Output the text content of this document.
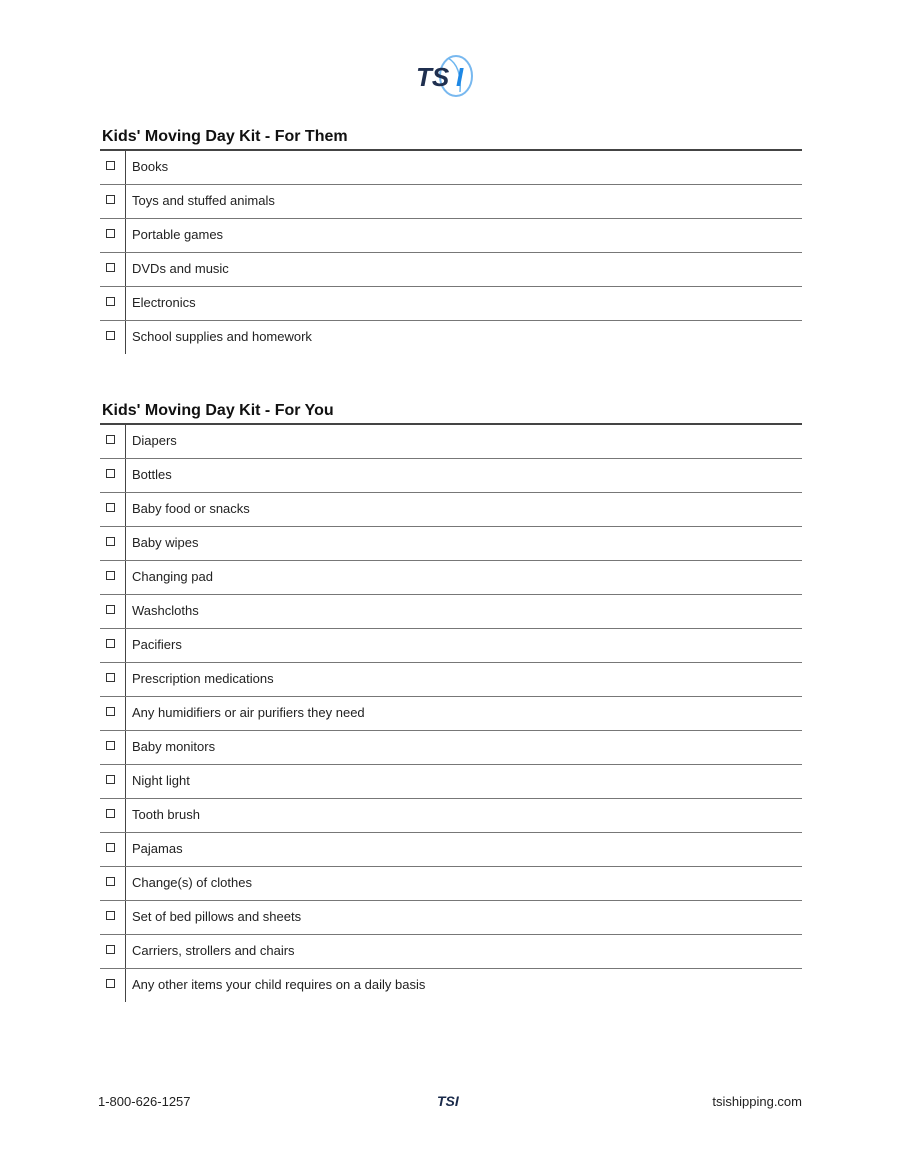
TS I
Kids' Moving Day Kit - For Them
Books
Toys and stuffed animals
Portable games
DVDs and music
Electronics
School supplies and homework
Kids' Moving Day Kit - For You
Diapers
Bottles
Baby food or snacks
Baby wipes
Changing pad
Washcloths
Pacifiers
Prescription medications
Any humidifiers or air purifiers they need
Baby monitors
Night light
Tooth brush
Pajamas
Change(s) of clothes
Set of bed pillows and sheets
Carriers, strollers and chairs
Any other items your child requires on a daily basis
1-800-626-1257	TSI	tsishipping.com
